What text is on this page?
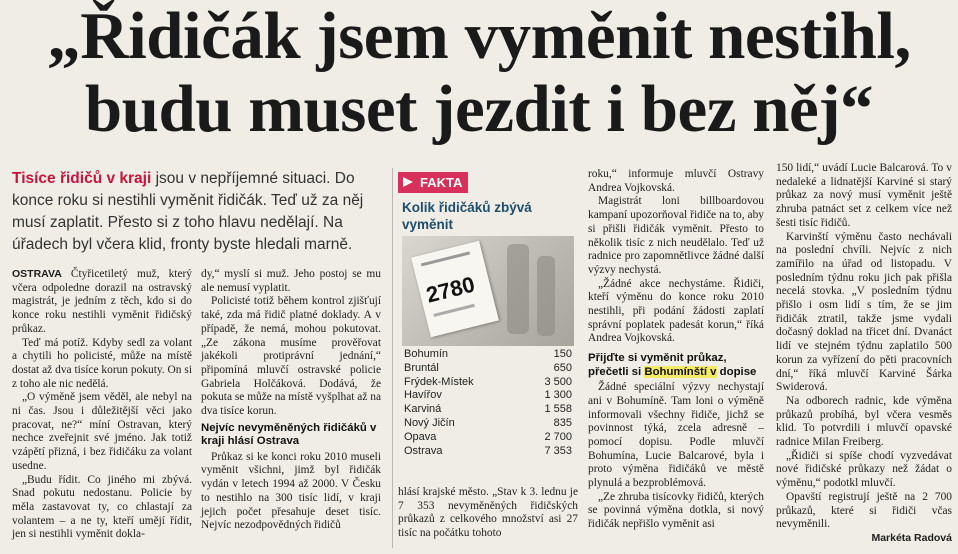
„Řidičák jsem vyměnit nestihl,
budu muset jezdit i bez něj“
Tisíce řidičů v kraji jsou v nepříjemné situaci. Do konce roku si nestihli vyměnit řidičák. Teď už za něj musí zaplatit. Přesto si z toho hlavu nedělají. Na úřadech byl včera klid, fronty byste hledali marně.

OSTRAVA Čtyřicetiletý muž, který včera odpoledne dorazil na ostravský magistrát, je jedním z těch, kdo si do konce roku nestihli vyměnit řidičský průkaz.

Teď má potíž. Kdyby sedl za volant a chytili ho policisté, může na místě dostat až dva tisíce korun pokuty. On si z toho ale nic nedělá.

„O výměně jsem věděl, ale nebyl na ni čas. Jsou i důležitější věci jako pracovat, ne?“ míní Ostravan, který nechce zveřejnit své jméno. Jak totiž vzápětí přizná, i bez řidičáku za volant usedne.

„Budu řídit. Co jiného mi zbývá. Snad pokutu nedostanu. Policie by měla zastavovat ty, co chlastají za volantem – a ne ty, kteří umějí řídit, jen si nestihli vyměnit dokla-

dy,“ myslí si muž. Jeho postoj se mu ale nemusí vyplatit.

Policisté totiž během kontrol zjišťují také, zda má řidič platné doklady. A v případě, že nemá, mohou pokutovat. „Ze zákona musíme prověřovat jakékoli protiprávní jednání,“ připomíná mluvčí ostravské policie Gabriela Holčáková. Dodává, že pokuta se může na místě vyšplhat až na dva tisíce korun.

Nejvíc nevyměněných řidičáků v kraji hlásí Ostrava

Průkaz si ke konci roku 2010 museli vyměnit všichni, jimž byl řidičák vydán v letech 1994 až 2000. V Česku to nestihlo na 300 tisíc lidí, v kraji jejich počet přesahuje deset tisíc. Nejvíc nezodpovědných řidičů

FAKTA
Kolik řidičáků zbývá vyměnit
2780
Bohumín	150
Bruntál	650
Frýdek-Místek	3 500
Havířov	1 300
Karviná	1 558
Nový Jičín	835
Opava	2 700
Ostrava	7 353

hlásí krajské město. „Stav k 3. lednu je 7 353 nevyměněných řidičských průkazů z celkového množství asi 27 tisíc na počátku tohoto

roku,“ informuje mluvčí Ostravy Andrea Vojkovská.

Magistrát loni billboardovou kampaní upozorňoval řidiče na to, aby si přišli řidičák vyměnit. Přesto to několik tisíc z nich neudělalo. Teď už radnice pro zapomnětlivce žádné další výzvy nechystá.

„Žádné akce nechystáme. Řidiči, kteří výměnu do konce roku 2010 nestihli, při podání žádosti zaplatí správní poplatek padesát korun,“ říká Andrea Vojkovská.

Přijďte si vyměnit průkaz, přečetli si Bohumínští v dopise

Žádné speciální výzvy nechystají ani v Bohumíně. Tam loni o výměně informovali všechny řidiče, jichž se povinnost týká, zcela adresně – pomocí dopisu. Podle mluvčí Bohumína, Lucie Balcarové, byla i proto výměna řidičáků ve městě plynulá a bezproblémová.

„Ze zhruba tisícovky řidičů, kterých se povinná výměna dotkla, si nový řidičák nepřišlo vyměnit asi

150 lidí,“ uvádí Lucie Balcarová. To v nedaleké a lidnatější Karviné si starý průkaz za nový musí vyměnit ještě zhruba patnáct set z celkem více než šesti tisíc řidičů.

Karvinští výměnu často nechávali na poslední chvíli. Nejvíc z nich zamířilo na úřad od listopadu. V posledním týdnu roku jich pak přišla necelá stovka. „V posledním týdnu přišlo i osm lidí s tím, že se jim řidičák ztratil, takže jsme vydali dočasný doklad na třicet dní. Dvanáct lidí ve stejném týdnu zaplatilo 500 korun za vyřízení do pěti pracovních dní,“ říká mluvčí Karviné Šárka Swiderová.

Na odborech radnic, kde výměna průkazů probíhá, byl včera vesměs klid. To potvrdili i mluvčí opavské radnice Milan Freiberg.

„Řidiči si spíše chodí vyzvedávat nové řidičské průkazy než žádat o výměnu,“ podotkl mluvčí.

Opavští registrují ještě na 2 700 průkazů, které si řidiči včas nevyměnili.

Markéta Radová
